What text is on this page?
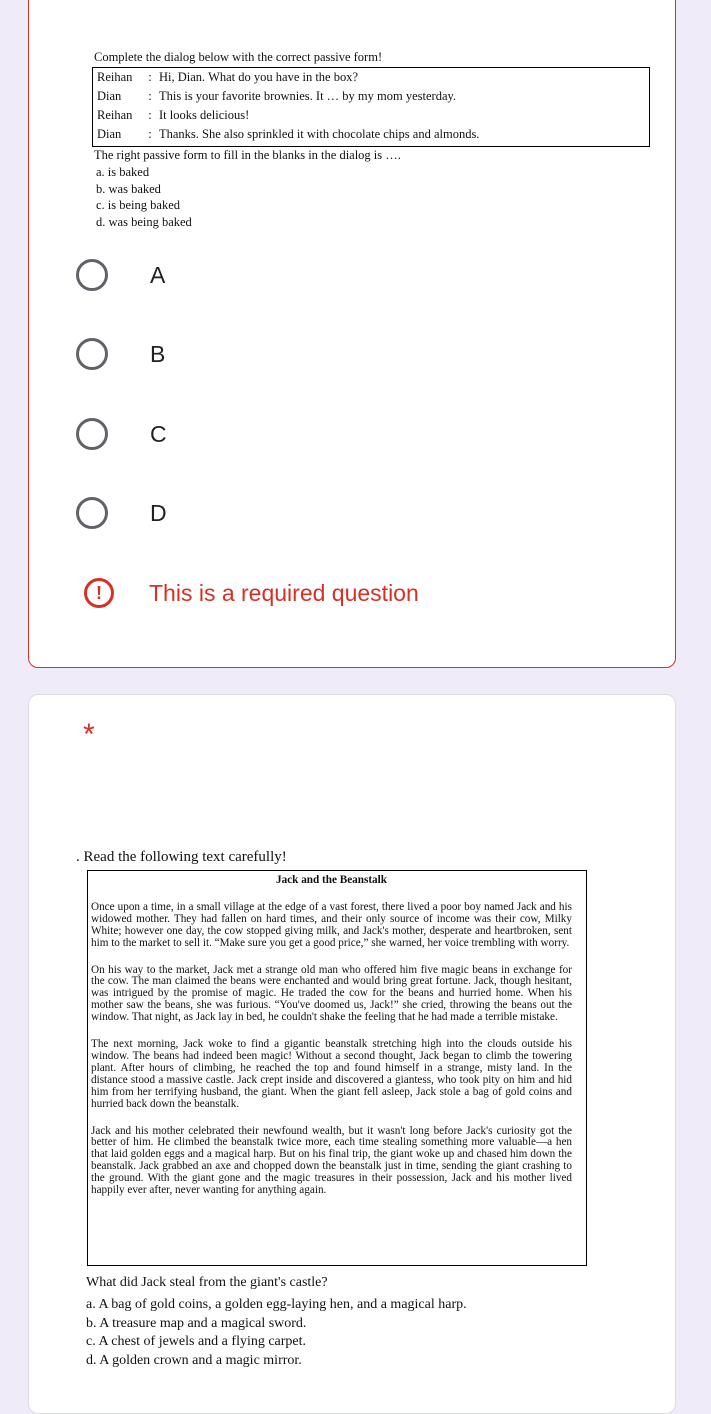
Complete the dialog below with the correct passive form!
Reihan	: Hi, Dian. What do you have in the box?
Dian	: This is your favorite brownies. It … by my mom yesterday.
Reihan	: It looks delicious!
Dian	: Thanks. She also sprinkled it with chocolate chips and almonds.
The right passive form to fill in the blanks in the dialog is ….
a. is baked
b. was baked
c. is being baked
d. was being baked
A
B
C
D
!	This is a required question
*
. Read the following text carefully!
Jack and the Beanstalk

Once upon a time, in a small village at the edge of a vast forest, there lived a poor boy named Jack and his widowed mother. They had fallen on hard times, and their only source of income was their cow, Milky White; however one day, the cow stopped giving milk, and Jack's mother, desperate and heartbroken, sent him to the market to sell it. “Make sure you get a good price,” she warned, her voice trembling with worry.

On his way to the market, Jack met a strange old man who offered him five magic beans in exchange for the cow. The man claimed the beans were enchanted and would bring great fortune. Jack, though hesitant, was intrigued by the promise of magic. He traded the cow for the beans and hurried home. When his mother saw the beans, she was furious. “You've doomed us, Jack!” she cried, throwing the beans out the window. That night, as Jack lay in bed, he couldn't shake the feeling that he had made a terrible mistake.

The next morning, Jack woke to find a gigantic beanstalk stretching high into the clouds outside his window. The beans had indeed been magic! Without a second thought, Jack began to climb the towering plant. After hours of climbing, he reached the top and found himself in a strange, misty land. In the distance stood a massive castle. Jack crept inside and discovered a giantess, who took pity on him and hid him from her terrifying husband, the giant. When the giant fell asleep, Jack stole a bag of gold coins and hurried back down the beanstalk.

Jack and his mother celebrated their newfound wealth, but it wasn't long before Jack's curiosity got the better of him. He climbed the beanstalk twice more, each time stealing something more valuable—a hen that laid golden eggs and a magical harp. But on his final trip, the giant woke up and chased him down the beanstalk. Jack grabbed an axe and chopped down the beanstalk just in time, sending the giant crashing to the ground. With the giant gone and the magic treasures in their possession, Jack and his mother lived happily ever after, never wanting for anything again.

What did Jack steal from the giant's castle?
a. A bag of gold coins, a golden egg-laying hen, and a magical harp.
b. A treasure map and a magical sword.
c. A chest of jewels and a flying carpet.
d. A golden crown and a magic mirror.
